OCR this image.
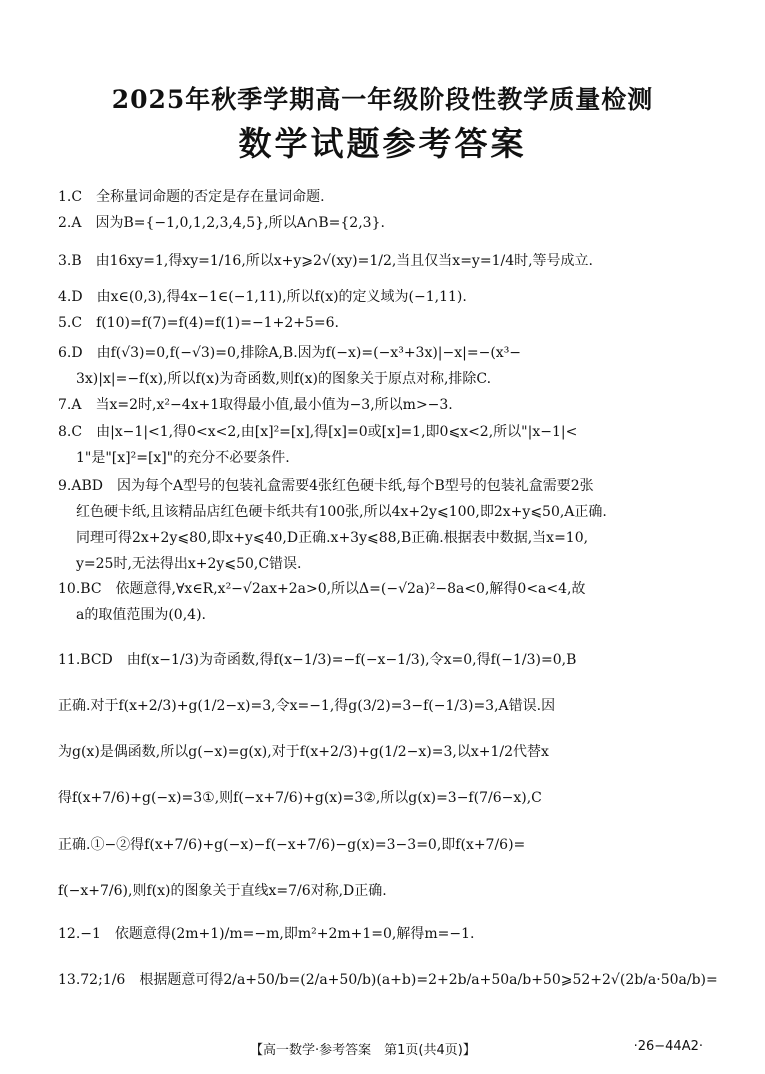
2025年秋季学期高一年级阶段性教学质量检测
数学试题参考答案
1.C　全称量词命题的否定是存在量词命题.
2.A　因为B={−1,0,1,2,3,4,5},所以A∩B={2,3}.
3.B　由16xy=1,得xy=1/16,所以x+y⩾2√(xy)=1/2,当且仅当x=y=1/4时,等号成立.
4.D　由x∈(0,3),得4x−1∈(−1,11),所以f(x)的定义域为(−1,11).
5.C　f(10)=f(7)=f(4)=f(1)=−1+2+5=6.
6.D　由f(√3)=0,f(−√3)=0,排除A,B.因为f(−x)=(−x³+3x)|−x|=−(x³−
3x)|x|=−f(x),所以f(x)为奇函数,则f(x)的图象关于原点对称,排除C.
7.A　当x=2时,x²−4x+1取得最小值,最小值为−3,所以m>−3.
8.C　由|x−1|<1,得0<x<2,由[x]²=[x],得[x]=0或[x]=1,即0⩽x<2,所以"|x−1|<
1"是"[x]²=[x]"的充分不必要条件.
9.ABD　因为每个A型号的包装礼盒需要4张红色硬卡纸,每个B型号的包装礼盒需要2张
红色硬卡纸,且该精品店红色硬卡纸共有100张,所以4x+2y⩽100,即2x+y⩽50,A正确.
同理可得2x+2y⩽80,即x+y⩽40,D正确.x+3y⩽88,B正确.根据表中数据,当x=10,
y=25时,无法得出x+2y⩽50,C错误.
10.BC　依题意得,∀x∈R,x²−√2ax+2a>0,所以Δ=(−√2a)²−8a<0,解得0<a<4,故
a的取值范围为(0,4).
11.BCD　由f(x−1/3)为奇函数,得f(x−1/3)=−f(−x−1/3),令x=0,得f(−1/3)=0,B
正确.对于f(x+2/3)+g(1/2−x)=3,令x=−1,得g(3/2)=3−f(−1/3)=3,A错误.因
为g(x)是偶函数,所以g(−x)=g(x),对于f(x+2/3)+g(1/2−x)=3,以x+1/2代替x
得f(x+7/6)+g(−x)=3①,则f(−x+7/6)+g(x)=3②,所以g(x)=3−f(7/6−x),C
正确.①−②得f(x+7/6)+g(−x)−f(−x+7/6)−g(x)=3−3=0,即f(x+7/6)=
f(−x+7/6),则f(x)的图象关于直线x=7/6对称,D正确.
12.−1　依题意得(2m+1)/m=−m,即m²+2m+1=0,解得m=−1.
13.72;1/6　根据题意可得2/a+50/b=(2/a+50/b)(a+b)=2+2b/a+50a/b+50⩾52+2√(2b/a·50a/b)=
【高一数学·参考答案　第1页(共4页)】	·26−44A2·
